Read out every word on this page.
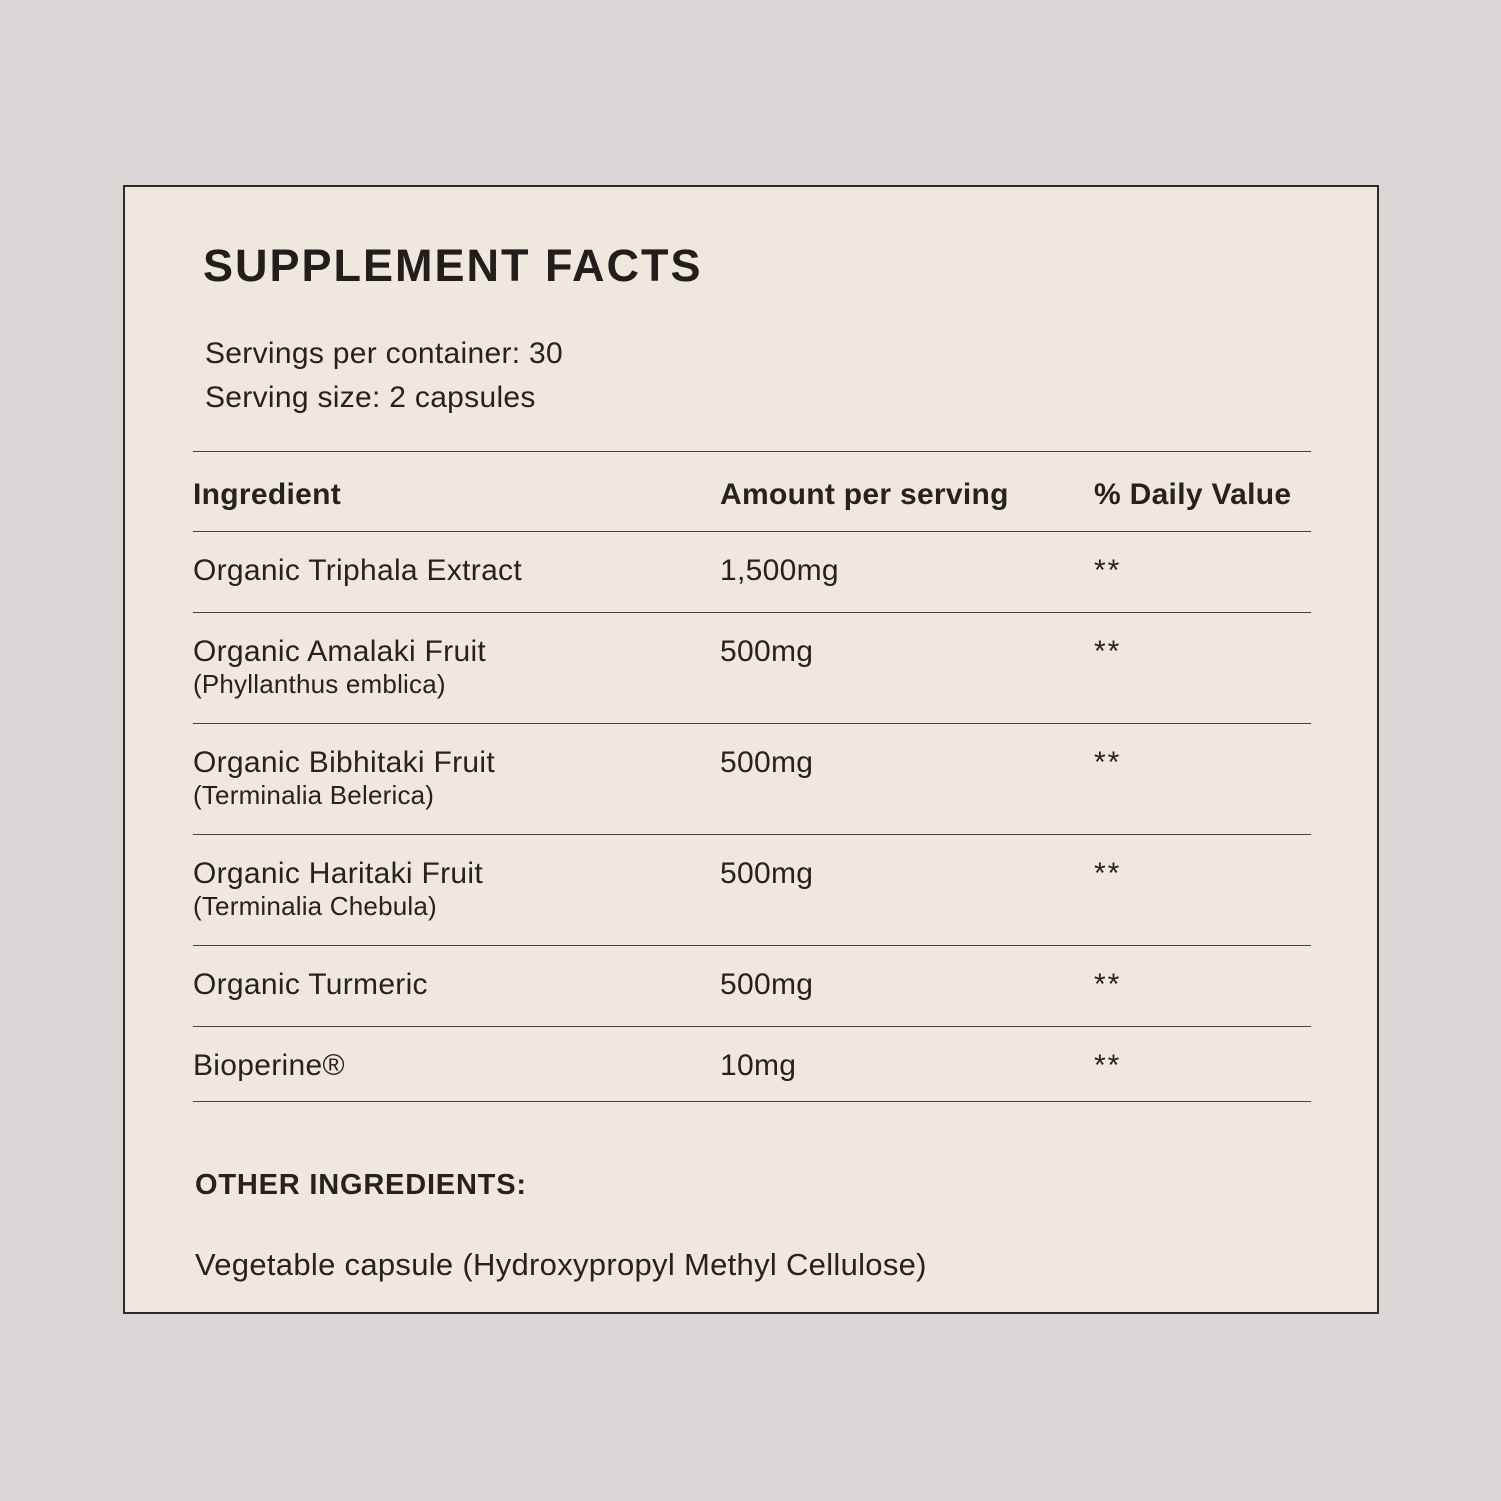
SUPPLEMENT FACTS
Servings per container: 30
Serving size: 2 capsules
Ingredient	Amount per serving	% Daily Value
Organic Triphala Extract	1,500mg	**
Organic Amalaki Fruit
(Phyllanthus emblica)
500mg	**
Organic Bibhitaki Fruit
(Terminalia Belerica)
500mg	**
Organic Haritaki Fruit
(Terminalia Chebula)
500mg	**
Organic Turmeric	500mg	**
Bioperine®	10mg	**
OTHER INGREDIENTS:
Vegetable capsule (Hydroxypropyl Methyl Cellulose)
